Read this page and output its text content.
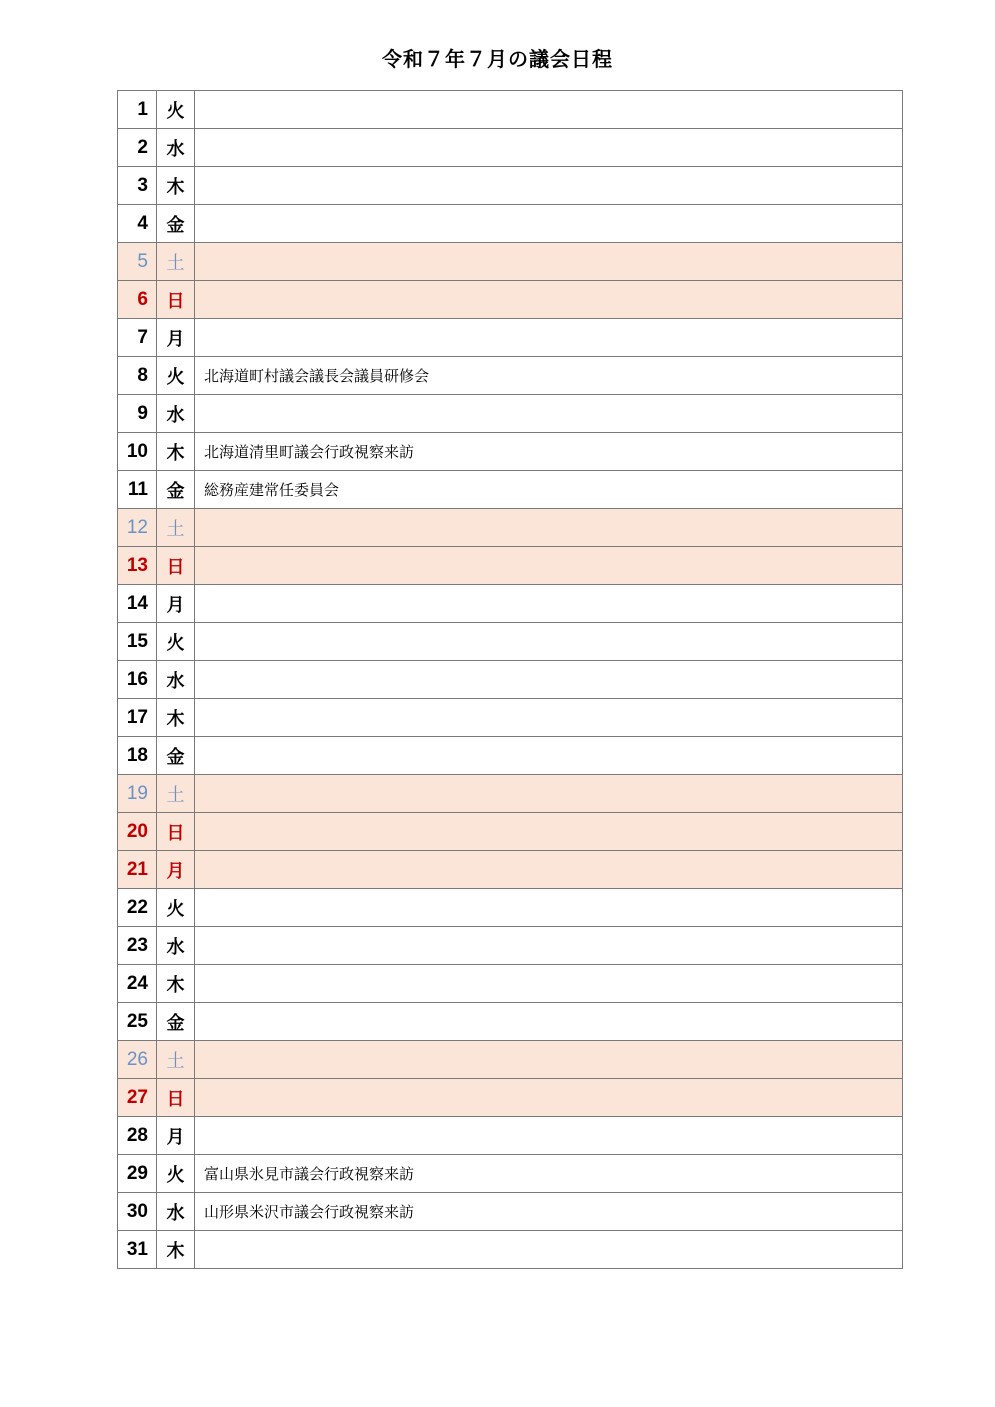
令和７年７月の議会日程
1	火	
2	水	
3	木	
4	金	
5	土	
6	日	
7	月	
8	火	北海道町村議会議長会議員研修会
9	水	
10	木	北海道清里町議会行政視察来訪
11	金	総務産建常任委員会
12	土	
13	日	
14	月	
15	火	
16	水	
17	木	
18	金	
19	土	
20	日	
21	月	
22	火	
23	水	
24	木	
25	金	
26	土	
27	日	
28	月	
29	火	富山県氷見市議会行政視察来訪
30	水	山形県米沢市議会行政視察来訪
31	木	
